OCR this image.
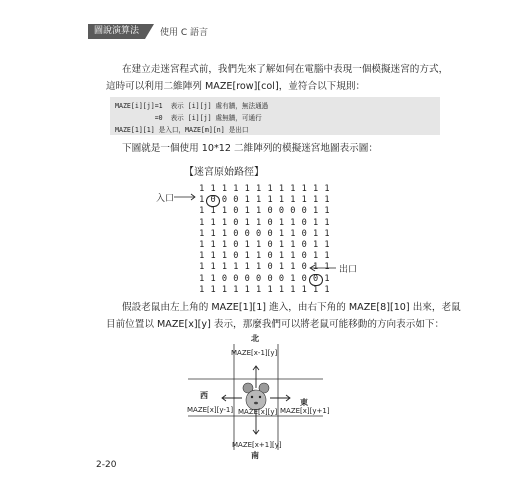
圖說演算法	使用 C 語言
在建立走迷宮程式前，我們先來了解如何在電腦中表現一個模擬迷宮的方式，
這時可以利用二維陣列 MAZE[row][col]，並符合以下規則：
MAZE[i][j]=1  表示 [i][j] 處有牆，無法通過
=0  表示 [i][j] 處無牆，可通行
MAZE[1][1] 是入口，MAZE[m][n] 是出口
下圖就是一個使用 10*12 二維陣列的模擬迷宮地圖表示圖：
【迷宮原始路徑】
1 1 1 1 1 1 1 1 1 1 1 1
1 0 0 0 1 1 1 1 1 1 1 1
1 1 1 0 1 1 0 0 0 0 1 1
1 1 1 0 1 1 0 1 1 0 1 1
1 1 1 0 0 0 0 1 1 0 1 1
1 1 1 0 1 1 0 1 1 0 1 1
1 1 1 0 1 1 0 1 1 0 1 1
1 1 1 1 1 1 0 1 1 0 1 1
1 1 0 0 0 0 0 0 1 0 0 1
1 1 1 1 1 1 1 1 1 1 1 1
入口
出口
假設老鼠由左上角的 MAZE[1][1] 進入，由右下角的 MAZE[8][10] 出來，老鼠
目前位置以 MAZE[x][y] 表示，那麼我們可以將老鼠可能移動的方向表示如下：
北
MAZE[x-1][y]
西
MAZE[x][y-1]
東
MAZE[x][y+1]
MAZE[x][y]
MAZE[x+1][y]
南
2-20
